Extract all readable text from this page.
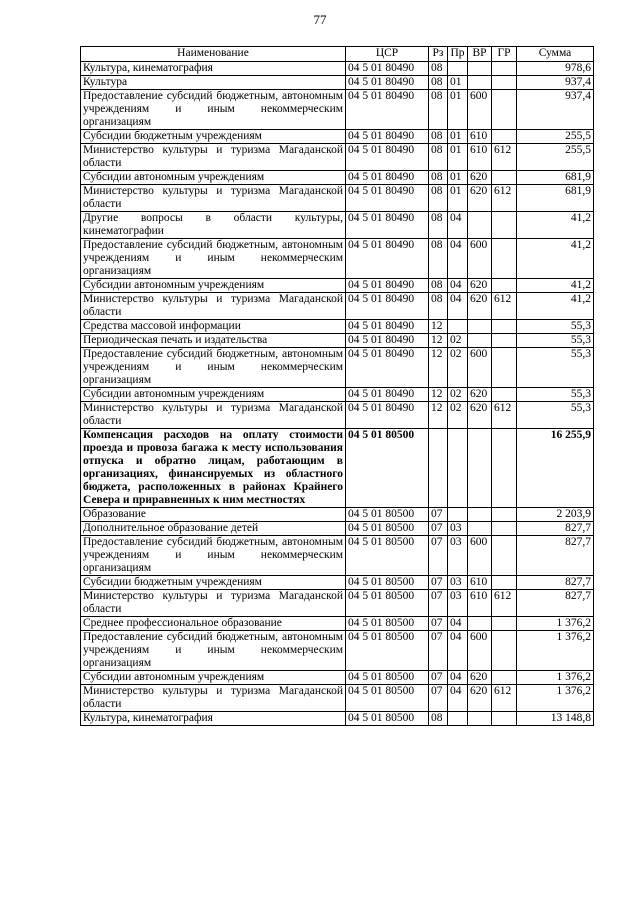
77
Наименование	ЦСР	Рз	Пр	ВР	ГР	Сумма
Культура, кинематография	04 5 01 80490	08				978,6
Культура	04 5 01 80490	08	01			937,4
Предоставление субсидий бюджетным, автономным учреждениям и иным некоммерческим организациям	04 5 01 80490	08	01	600		937,4
Субсидии бюджетным учреждениям	04 5 01 80490	08	01	610		255,5
Министерство культуры и туризма Магаданской области	04 5 01 80490	08	01	610	612	255,5
Субсидии автономным учреждениям	04 5 01 80490	08	01	620		681,9
Министерство культуры и туризма Магаданской области	04 5 01 80490	08	01	620	612	681,9
Другие вопросы в области культуры, кинематографии	04 5 01 80490	08	04			41,2
Предоставление субсидий бюджетным, автономным учреждениям и иным некоммерческим организациям	04 5 01 80490	08	04	600		41,2
Субсидии автономным учреждениям	04 5 01 80490	08	04	620		41,2
Министерство культуры и туризма Магаданской области	04 5 01 80490	08	04	620	612	41,2
Средства массовой информации	04 5 01 80490	12				55,3
Периодическая печать и издательства	04 5 01 80490	12	02			55,3
Предоставление субсидий бюджетным, автономным учреждениям и иным некоммерческим организациям	04 5 01 80490	12	02	600		55,3
Субсидии автономным учреждениям	04 5 01 80490	12	02	620		55,3
Министерство культуры и туризма Магаданской области	04 5 01 80490	12	02	620	612	55,3
Компенсация расходов на оплату стоимости проезда и провоза багажа к месту использования отпуска и обратно лицам, работающим в организациях, финансируемых из областного бюджета, расположенных в районах Крайнего Севера и приравненных к ним местностях	04 5 01 80500					16 255,9
Образование	04 5 01 80500	07				2 203,9
Дополнительное образование детей	04 5 01 80500	07	03			827,7
Предоставление субсидий бюджетным, автономным учреждениям и иным некоммерческим организациям	04 5 01 80500	07	03	600		827,7
Субсидии бюджетным учреждениям	04 5 01 80500	07	03	610		827,7
Министерство культуры и туризма Магаданской области	04 5 01 80500	07	03	610	612	827,7
Среднее профессиональное образование	04 5 01 80500	07	04			1 376,2
Предоставление субсидий бюджетным, автономным учреждениям и иным некоммерческим организациям	04 5 01 80500	07	04	600		1 376,2
Субсидии автономным учреждениям	04 5 01 80500	07	04	620		1 376,2
Министерство культуры и туризма Магаданской области	04 5 01 80500	07	04	620	612	1 376,2
Культура, кинематография	04 5 01 80500	08				13 148,8
